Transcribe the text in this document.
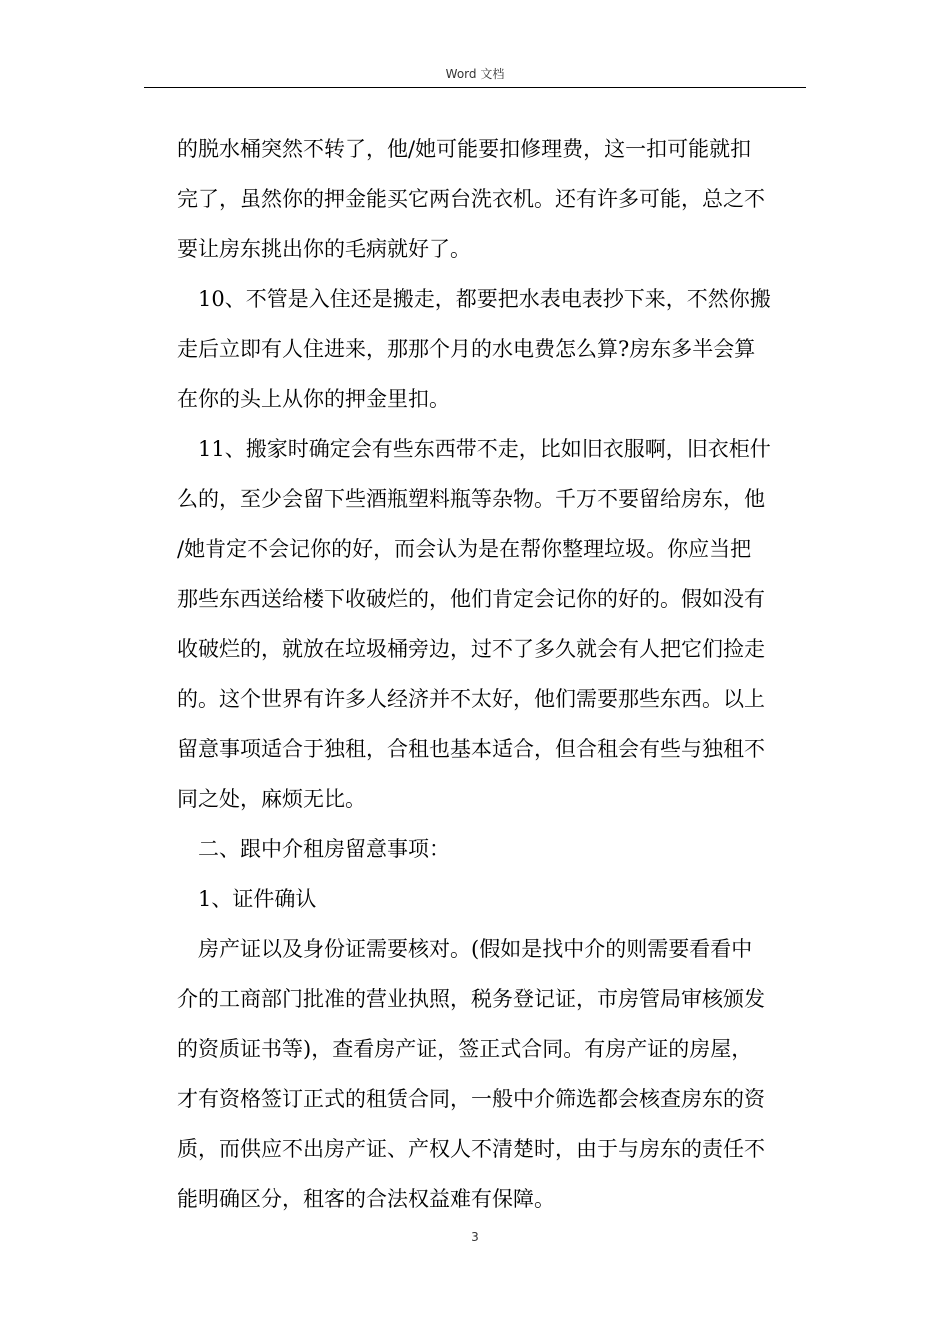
Word 文档
的脱水桶突然不转了，他/她可能要扣修理费，这一扣可能就扣
完了，虽然你的押金能买它两台洗衣机。还有许多可能，总之不
要让房东挑出你的毛病就好了。
10、不管是入住还是搬走，都要把水表电表抄下来，不然你搬
走后立即有人住进来，那那个月的水电费怎么算?房东多半会算
在你的头上从你的押金里扣。
11、搬家时确定会有些东西带不走，比如旧衣服啊，旧衣柜什
么的，至少会留下些酒瓶塑料瓶等杂物。千万不要留给房东，他
/她肯定不会记你的好，而会认为是在帮你整理垃圾。你应当把
那些东西送给楼下收破烂的，他们肯定会记你的好的。假如没有
收破烂的，就放在垃圾桶旁边，过不了多久就会有人把它们捡走
的。这个世界有许多人经济并不太好，他们需要那些东西。以上
留意事项适合于独租，合租也基本适合，但合租会有些与独租不
同之处，麻烦无比。
二、跟中介租房留意事项：
1、证件确认
房产证以及身份证需要核对。(假如是找中介的则需要看看中
介的工商部门批准的营业执照，税务登记证，市房管局审核颁发
的资质证书等)，查看房产证，签正式合同。有房产证的房屋，
才有资格签订正式的租赁合同，一般中介筛选都会核查房东的资
质，而供应不出房产证、产权人不清楚时，由于与房东的责任不
能明确区分，租客的合法权益难有保障。
3
